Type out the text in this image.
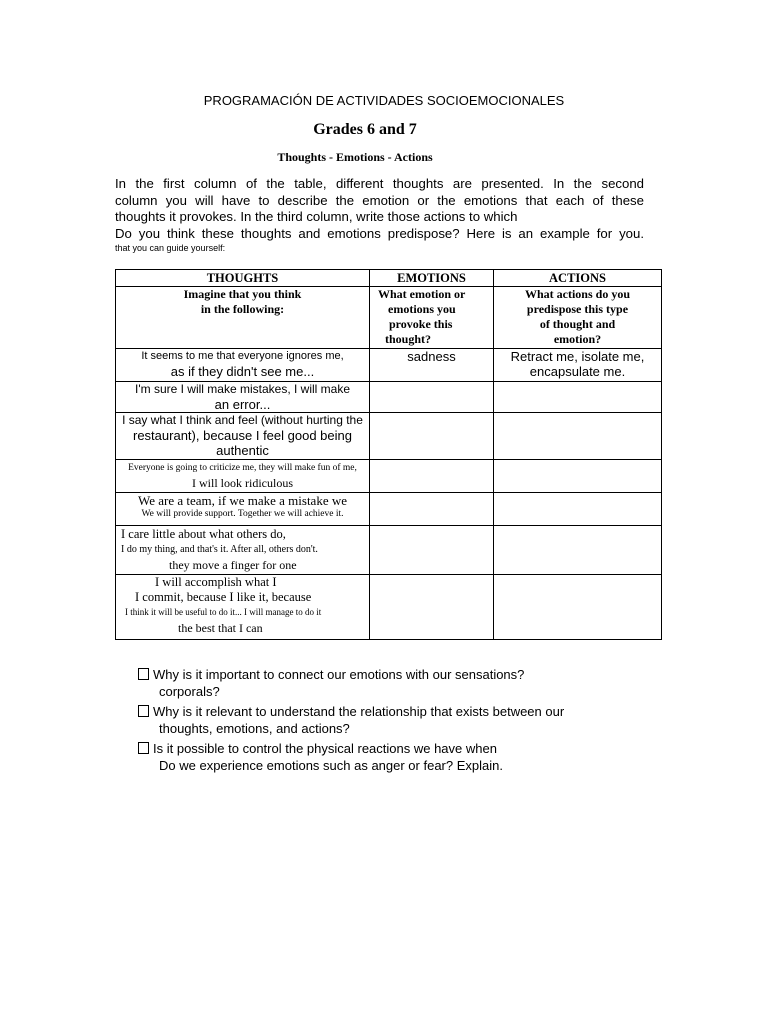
PROGRAMACIÓN DE ACTIVIDADES SOCIOEMOCIONALES
Grades 6 and 7
Thoughts - Emotions - Actions

In the first column of the table, different thoughts are presented. In the second

column you will have to describe the emotion or the emotions that each of these

thoughts it provokes. In the third column, write those actions to which

Do you think these thoughts and emotions predispose? Here is an example for you.

that you can guide yourself:

THOUGHTS	EMOTIONS	ACTIONS

Imagine that you think
in the following:	What emotion or
emotions you
provoke this
thought?	What actions do you
predispose this type
of thought and
emotion?

It seems to me that everyone ignores me,
as if they didn't see me...	sadness	Retract me, isolate me,
encapsulate me.

I'm sure I will make mistakes, I will make
an error...		

I say what I think and feel (without hurting the
restaurant), because I feel good being
authentic		

Everyone is going to criticize me, they will make fun of me,
I will look ridiculous		

We are a team, if we make a mistake we
We will provide support. Together we will achieve it.		

I care little about what others do,
I do my thing, and that's it. After all, others don't.
they move a finger for one		

I will accomplish what I
I commit, because I like it, because
I think it will be useful to do it... I will manage to do it
the best that I can		

Why is it important to connect our emotions with our sensations?
corporals?
Why is it relevant to understand the relationship that exists between our
thoughts, emotions, and actions?
Is it possible to control the physical reactions we have when
Do we experience emotions such as anger or fear? Explain.
